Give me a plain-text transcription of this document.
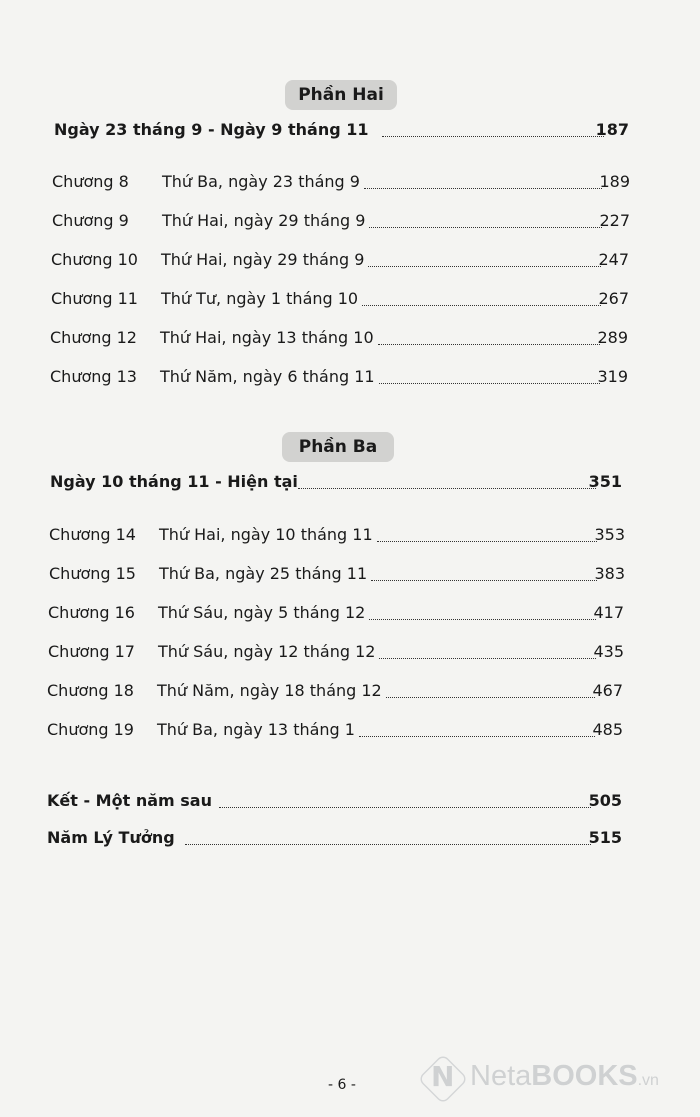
Phần Hai
Ngày 23 tháng 9 - Ngày 9 tháng 11	187
Chương 8 Thứ Ba, ngày 23 tháng 9	189
Chương 9 Thứ Hai, ngày 29 tháng 9	227
Chương 10 Thứ Hai, ngày 29 tháng 9	247
Chương 11 Thứ Tư, ngày 1 tháng 10	267
Chương 12 Thứ Hai, ngày 13 tháng 10	289
Chương 13 Thứ Năm, ngày 6 tháng 11	319
Phần Ba
Ngày 10 tháng 11 - Hiện tại	351
Chương 14 Thứ Hai, ngày 10 tháng 11	353
Chương 15 Thứ Ba, ngày 25 tháng 11	383
Chương 16 Thứ Sáu, ngày 5 tháng 12	417
Chương 17 Thứ Sáu, ngày 12 tháng 12	435
Chương 18 Thứ Năm, ngày 18 tháng 12	467
Chương 19 Thứ Ba, ngày 13 tháng 1	485
Kết - Một năm sau	505
Năm Lý Tưởng	515
- 6 -	N NetaBOOKS.vn
